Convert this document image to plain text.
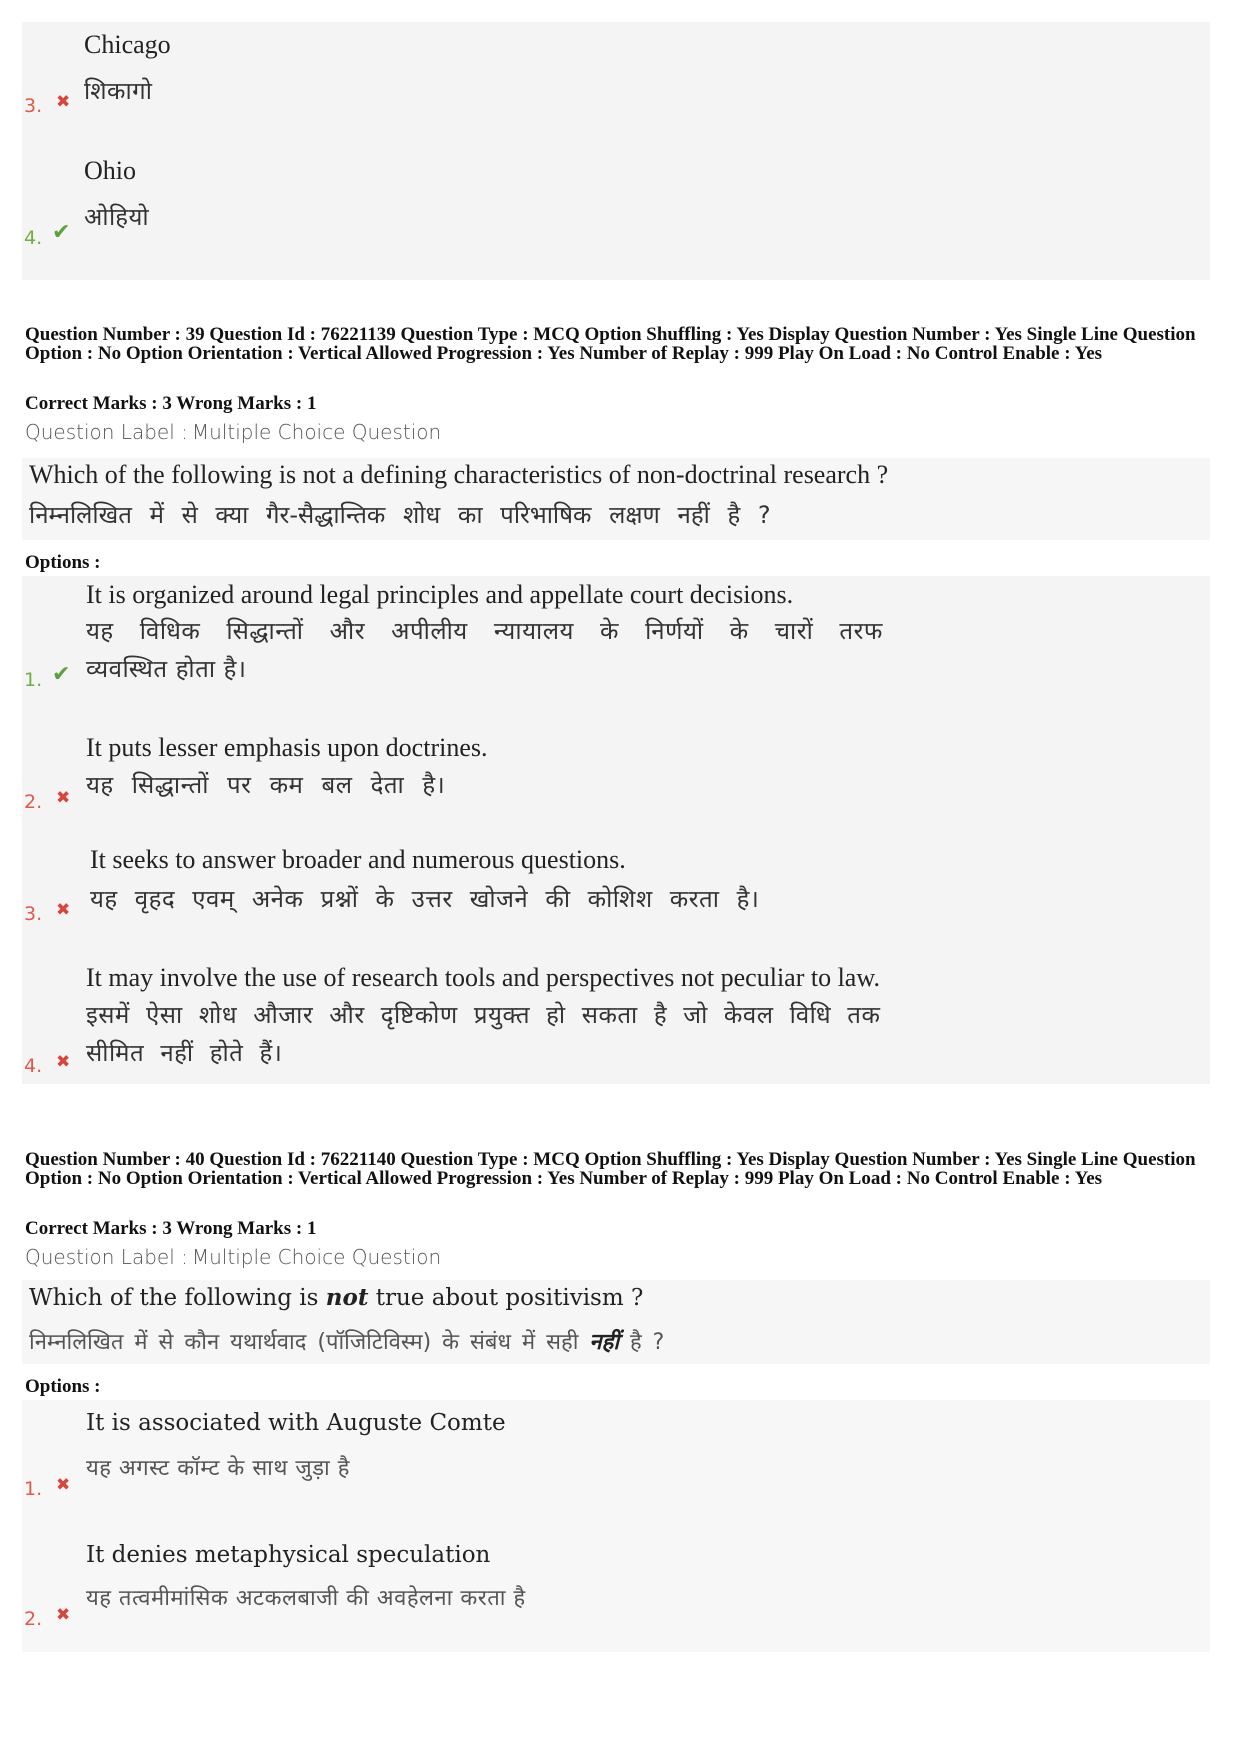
Chicago
शिकागो
3. ✖
Ohio
ओहियो
4. ✔
Question Number : 39 Question Id : 76221139 Question Type : MCQ Option Shuffling : Yes Display Question Number : Yes Single Line Question Option : No Option Orientation : Vertical Allowed Progression : Yes Number of Replay : 999 Play On Load : No Control Enable : Yes
Correct Marks : 3 Wrong Marks : 1
Question Label : Multiple Choice Question
Which of the following is not a defining characteristics of non-doctrinal research ?
निम्नलिखित में से क्या गैर-सैद्धान्तिक शोध का परिभाषिक लक्षण नहीं है ?
Options :
It is organized around legal principles and appellate court decisions.
यह विधिक सिद्धान्तों और अपीलीय न्यायालय के निर्णयों के चारों तरफ
व्यवस्थित होता है।
1. ✔
It puts lesser emphasis upon doctrines.
यह सिद्धान्तों पर कम बल देता है।
2. ✖
It seeks to answer broader and numerous questions.
यह वृहद एवम् अनेक प्रश्नों के उत्तर खोजने की कोशिश करता है।
3. ✖
It may involve the use of research tools and perspectives not peculiar to law.
इसमें ऐसा शोध औजार और दृष्टिकोण प्रयुक्त हो सकता है जो केवल विधि तक
सीमित नहीं होते हैं।
4. ✖
Question Number : 40 Question Id : 76221140 Question Type : MCQ Option Shuffling : Yes Display Question Number : Yes Single Line Question Option : No Option Orientation : Vertical Allowed Progression : Yes Number of Replay : 999 Play On Load : No Control Enable : Yes
Correct Marks : 3 Wrong Marks : 1
Question Label : Multiple Choice Question
Which of the following is not true about positivism ?
निम्नलिखित में से कौन यथार्थवाद (पॉजिटिविस्म) के संबंध में सही नहीं है ?
Options :
It is associated with Auguste Comte
यह अगस्ट कॉम्ट के साथ जुड़ा है
1. ✖
It denies metaphysical speculation
यह तत्वमीमांसिक अटकलबाजी की अवहेलना करता है
2. ✖
